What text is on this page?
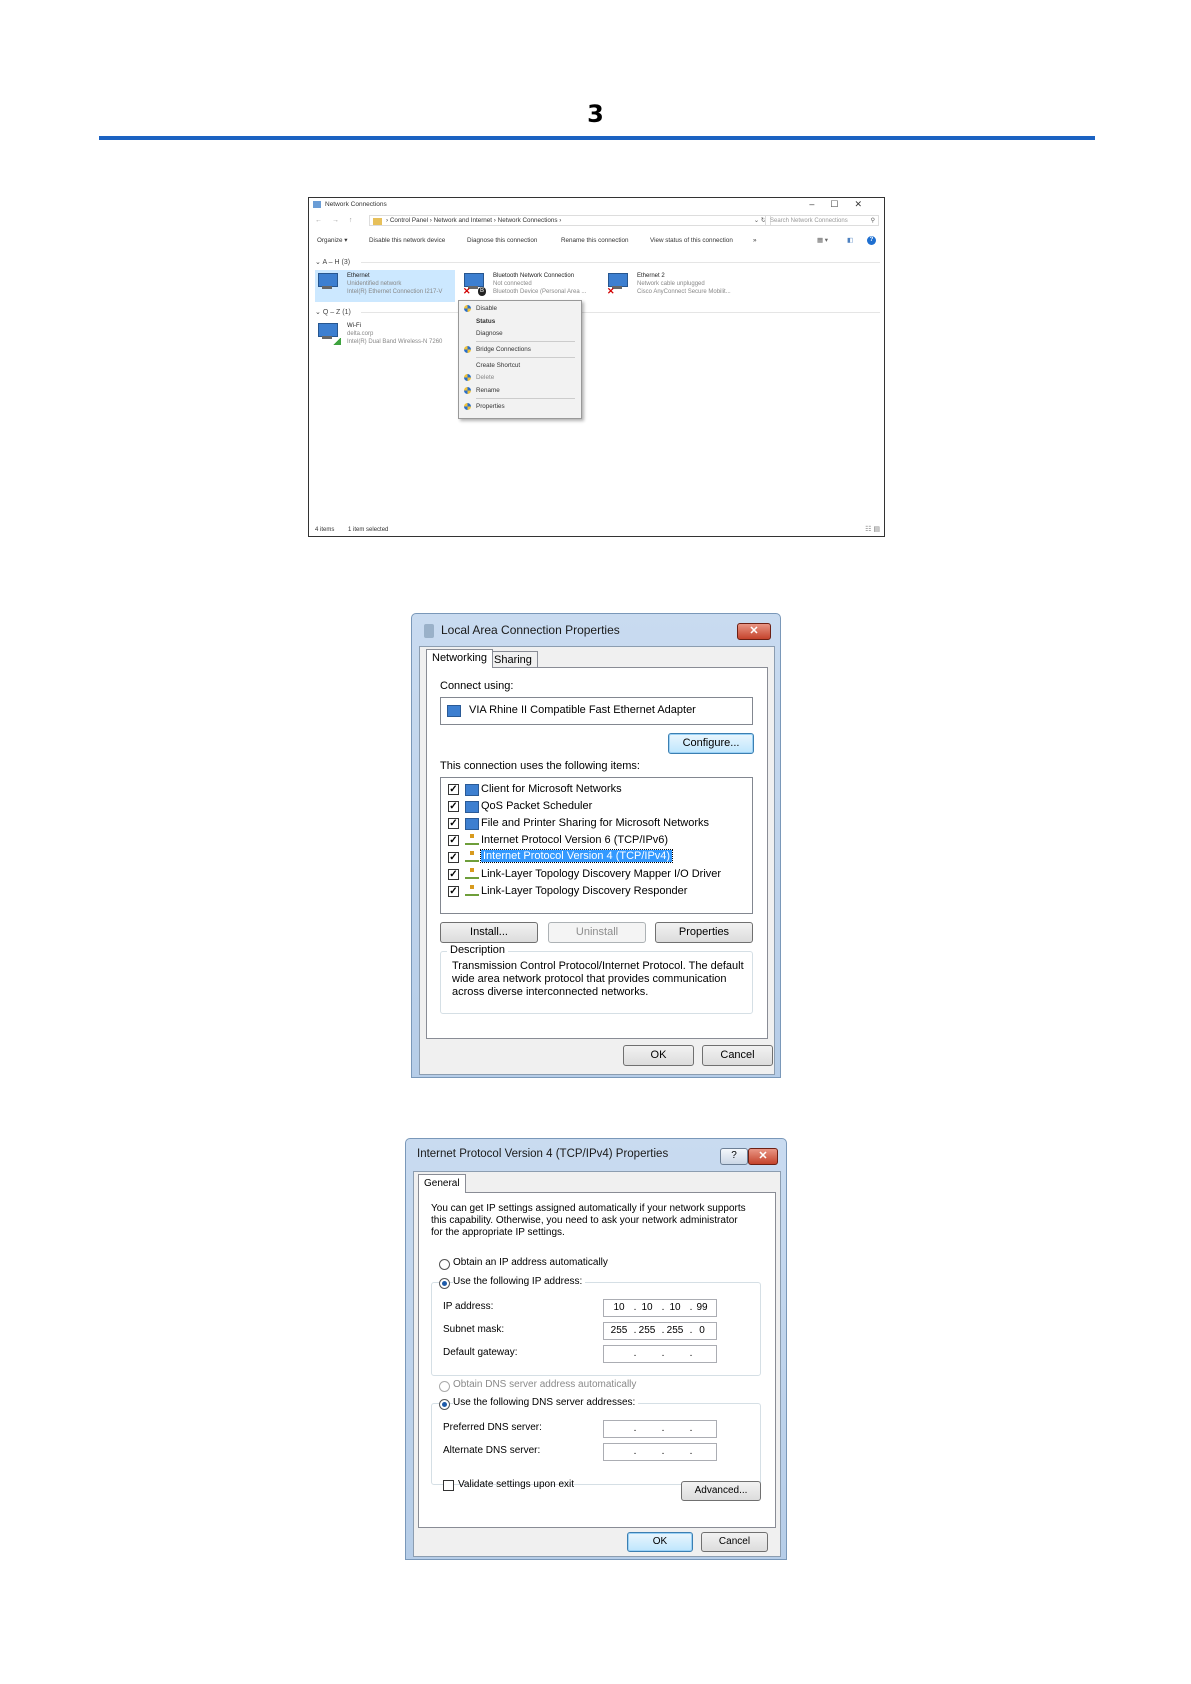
3
Network Connections	–☐✕
← → ↑	› Control Panel › Network and Internet › Network Connections ›	⌄ ↻ Search Network Connections	⚲
Organize ▾	Disable this network device	Diagnose this connection	Rename this connection	View status of this connection	»	▦ ▾	◧	?
⌄ A – H (3)
Ethernet
Unidentified network
Intel(R) Ethernet Connection I217-V ✕	B
Bluetooth Network Connection
Not connected
Bluetooth Device (Personal Area ... ✕
Ethernet 2
Network cable unplugged
Cisco AnyConnect Secure Mobilit...
⌄ Q – Z (1)
Wi-Fi
delta.corp
Intel(R) Dual Band Wireless-N 7260
Disable
Status
Diagnose
Bridge Connections
Create Shortcut
Delete
Rename
Properties
4 items 1 item selected	☷ ▤
Local Area Connection Properties	✕
Networking Sharing
Connect using:
VIA Rhine II Compatible Fast Ethernet Adapter
Configure...
This connection uses the following items:
✓ Client for Microsoft Networks
✓ QoS Packet Scheduler
✓ File and Printer Sharing for Microsoft Networks
✓ Internet Protocol Version 6 (TCP/IPv6)
✓ Internet Protocol Version 4 (TCP/IPv4)
✓ Link-Layer Topology Discovery Mapper I/O Driver
✓ Link-Layer Topology Discovery Responder
Install...	Uninstall	Properties
Description
Transmission Control Protocol/Internet Protocol. The default
wide area network protocol that provides communication
across diverse interconnected networks.
OK	Cancel
Internet Protocol Version 4 (TCP/IPv4) Properties	?	✕
General
You can get IP settings assigned automatically if your network supports
this capability. Otherwise, you need to ask your network administrator
for the appropriate IP settings.
Obtain an IP address automatically
Use the following IP address:
IP address:	10 . 10 . 10 . 99
Subnet mask:	255 . 255 . 255 . 0
Default gateway:	.	.	.
Obtain DNS server address automatically
Use the following DNS server addresses:
Preferred DNS server:	.	.	.
Alternate DNS server:	.	.	.
Validate settings upon exit
Advanced...
OK	Cancel
